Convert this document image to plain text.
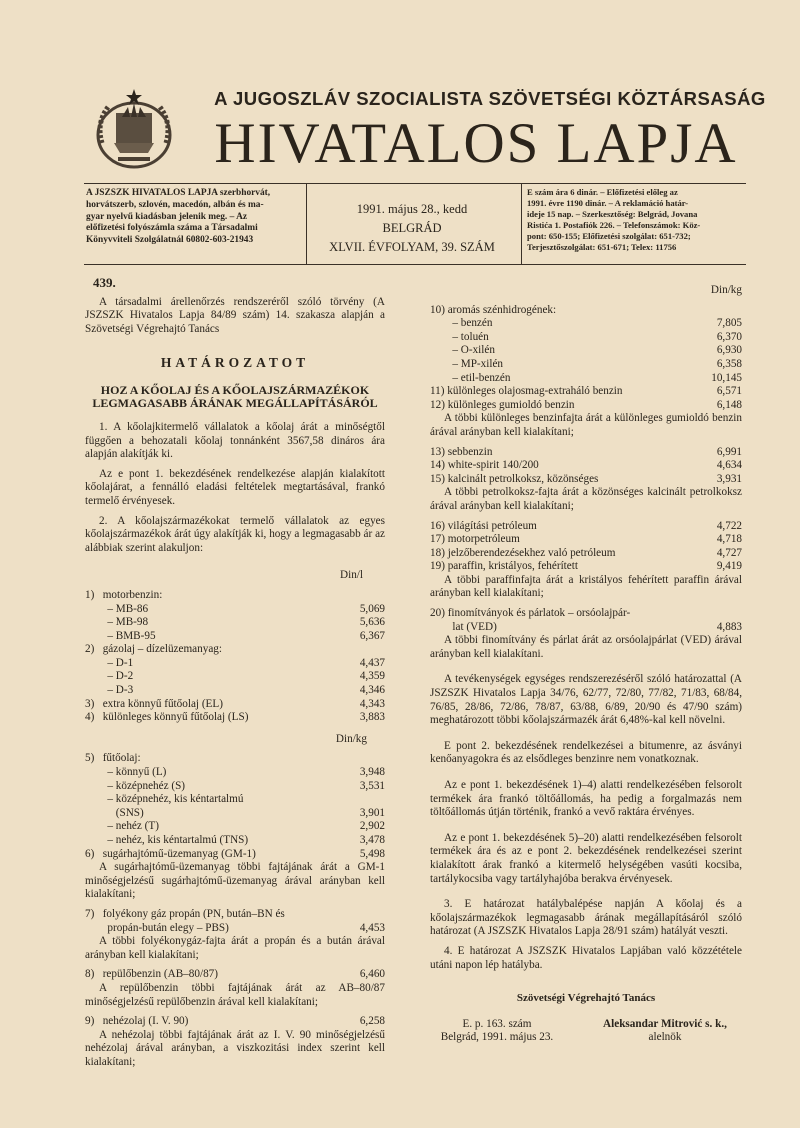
A JUGOSZLÁV SZOCIALISTA SZÖVETSÉGI KÖZTÁRSASÁG
HIVATALOS LAPJA
A JSZSZK HIVATALOS LAPJA szerbhorvát,
horvátszerb, szlovén, macedón, albán és ma-
gyar nyelvű kiadásban jelenik meg. – Az
előfizetési folyószámla száma a Társadalmi
Könyvviteli Szolgálatnál 60802-603-21943
1991. május 28., kedd
BELGRÁD
XLVII. ÉVFOLYAM, 39. SZÁM
E szám ára 6 dinár. – Előfizetési előleg az
1991. évre 1190 dinár. – A reklamáció határ-
ideje 15 nap. – Szerkesztőség: Belgrád, Jovana
Ristića 1. Postafiók 226. – Telefonszámok: Köz-
pont: 650-155; Előfizetési szolgálat: 651-732;
Terjesztőszolgálat: 651-671; Telex: 11756
439.

A társadalmi árellenőrzés rendszeréről szóló törvény (A JSZSZK Hivatalos Lapja 84/89 szám) 14. szakasza alapján a Szövetségi Végrehajtó Tanács

HATÁROZATOT
HOZ A KŐOLAJ ÉS A KŐOLAJSZÁRMAZÉKOK LEGMAGASABB ÁRÁNAK MEGÁLLAPÍTÁSÁRÓL

1. A kőolajkitermelő vállalatok a kőolaj árát a minőségtől függően a behozatali kőolaj tonnánként 3567,58 dináros ára alapján alakítják ki.

Az e pont 1. bekezdésének rendelkezése alapján kialakított kőolajárat, a fennálló eladási feltételek megtartásával, frankó termelő érvényesek.

2. A kőolajszármazékokat termelő vállalatok az egyes kőolajszármazékok árát úgy alakítják ki, hogy a legmagasabb ár az alábbiak szerint alakuljon:

Din/l
1)   motorbenzin:
– MB-86	5,069
– MB-98	5,636
– BMB-95	6,367
2)   gázolaj – dízelüzemanyag:
– D-1	4,437
– D-2	4,359
– D-3	4,346
3)   extra könnyű fűtőolaj (EL)	4,343
4)   különleges könnyű fűtőolaj (LS)	3,883
Din/kg
5)   fűtőolaj:
– könnyű (L)	3,948
– középnehéz (S)	3,531
– középnehéz, kis kéntartalmú
(SNS)	3,901
– nehéz (T)	2,902
– nehéz, kis kéntartalmú (TNS)	3,478
6)   sugárhajtómű-üzemanyag (GM-1)	5,498

A sugárhajtómű-üzemanyag többi fajtájának árát a GM-1 minőségjelzésű sugárhajtómű-üzemanyag árával arányban kell kialakítani;

7)   folyékony gáz propán (PN, bután–BN és
propán-bután elegy – PBS)	4,453

A többi folyékonygáz-fajta árát a propán és a bután árával arányban kell kialakítani;

8)   repülőbenzin (AB–80/87)	6,460

A repülőbenzin többi fajtájának árát az AB–80/87 minőségjelzésű repülőbenzin árával kell kialakítani;

9)   nehézolaj (I. V. 90)	6,258

A nehézolaj többi fajtájának árát az I. V. 90 minőségjelzésű nehézolaj árával arányban, a viszkozitási index szerint kell kialakítani;

Din/kg
10) aromás szénhidrogének:
– benzén	7,805
– toluén	6,370
– O-xilén	6,930
– MP-xilén	6,358
– etil-benzén	10,145
11) különleges olajosmag-extraháló benzin	6,571
12) különleges gumioldó benzin	6,148

A többi különleges benzinfajta árát a különleges gumioldó benzin árával arányban kell kialakítani;

13) sebbenzin	6,991
14) white-spirit 140/200	4,634
15) kalcinált petrolkoksz, közönséges	3,931

A többi petrolkoksz-fajta árát a közönséges kalcinált petrolkoksz árával arányban kell kialakítani;

16) világítási petróleum	4,722
17) motorpetróleum	4,718
18) jelzőberendezésekhez való petróleum	4,727
19) paraffin, kristályos, fehérített	9,419

A többi paraffinfajta árát a kristályos fehérített paraffin árával arányban kell kialakítani;

20) finomítványok és párlatok – orsóolajpár-
lat (VED)	4,883

A többi finomítvány és párlat árát az orsóolajpárlat (VED) árával arányban kell kialakítani.

A tevékenységek egységes rendszerezéséről szóló határozattal (A JSZSZK Hivatalos Lapja 34/76, 62/77, 72/80, 77/82, 71/83, 68/84, 76/85, 28/86, 72/86, 78/87, 63/88, 6/89, 20/90 és 47/90 szám) meghatározott többi kőolajszármazék árát 6,48%-kal kell növelni.

E pont 2. bekezdésének rendelkezései a bitumenre, az ásványi kenőanyagokra és az elsődleges benzinre nem vonatkoznak.

Az e pont 1. bekezdésének 1)–4) alatti rendelkezésében felsorolt termékek ára frankó töltőállomás, ha pedig a forgalmazás nem töltőállomás útján történik, frankó a vevő raktára érvényes.

Az e pont 1. bekezdésének 5)–20) alatti rendelkezésében felsorolt termékek ára és az e pont 2. bekezdésének rendelkezései szerint kialakított árak frankó a kitermelő helységében vasúti kocsiba, tartálykocsiba vagy tartályhajóba berakva érvényesek.

3. E határozat hatálybalépése napján A kőolaj és a kőolajszármazékok legmagasabb árának megállapításáról szóló határozat (A JSZSZK Hivatalos Lapja 28/91 szám) hatályát veszti.

4. E határozat A JSZSZK Hivatalos Lapjában való közzététele utáni napon lép hatályba.

Szövetségi Végrehajtó Tanács
E. p. 163. szám
Belgrád, 1991. május 23.
Aleksandar Mitrović s. k.,
alelnök
